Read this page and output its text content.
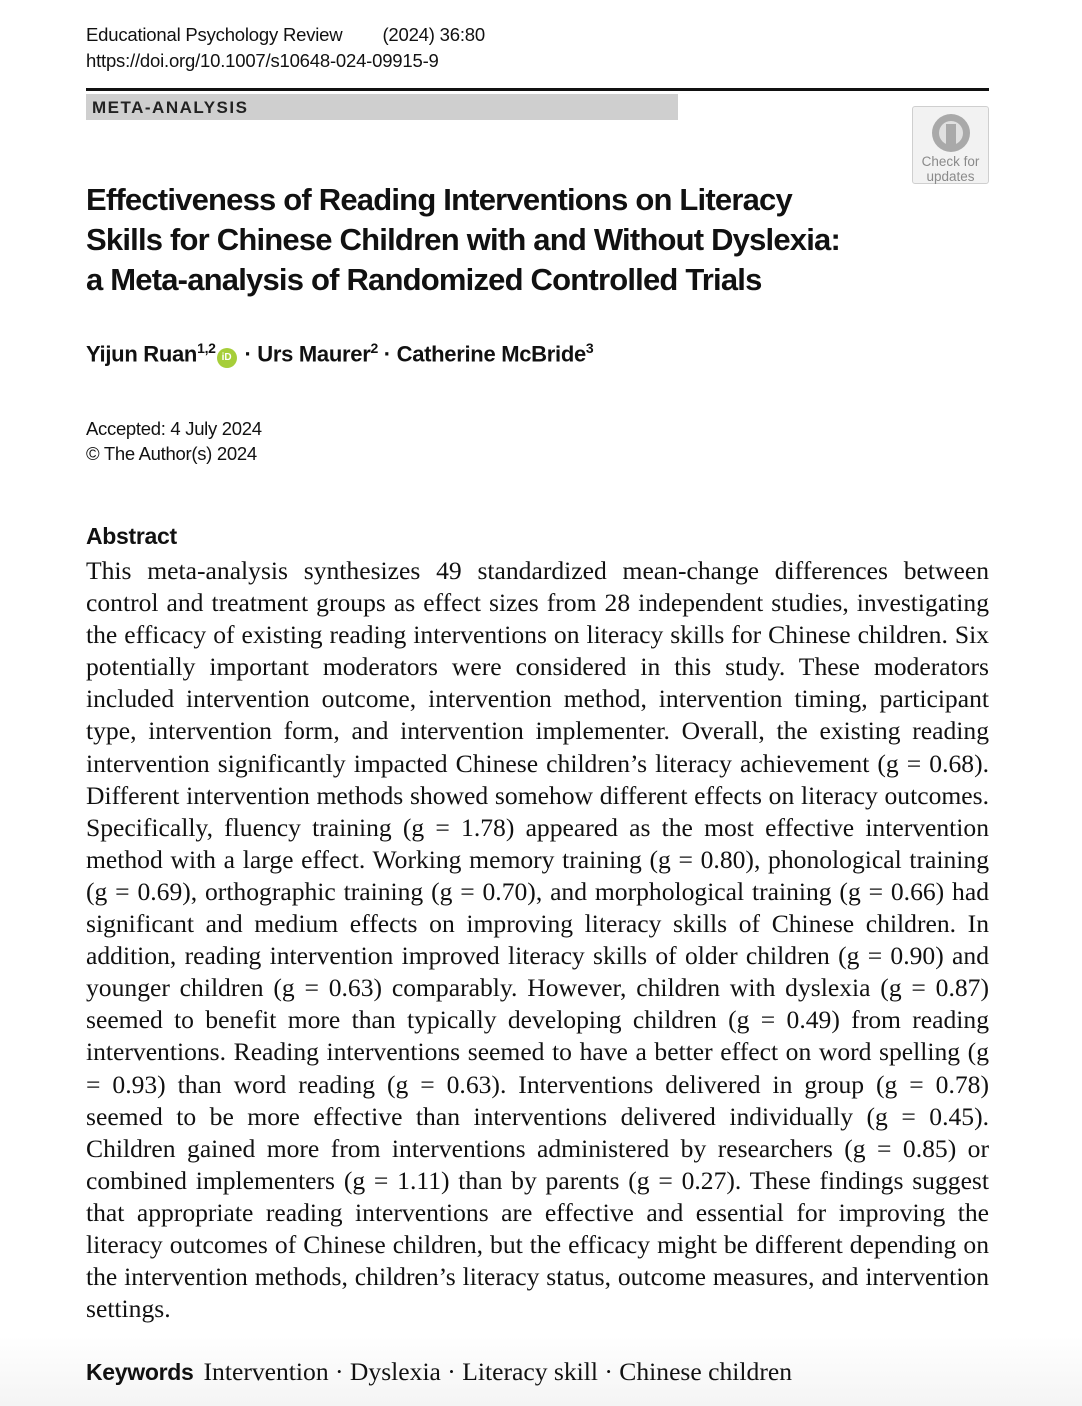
Educational Psychology Review (2024) 36:80
https://doi.org/10.1007/s10648-024-09915-9
META-ANALYSIS
Check for
updates
Effectiveness of Reading Interventions on Literacy
Skills for Chinese Children with and Without Dyslexia:
a Meta-analysis of Randomized Controlled Trials
Yijun Ruan$^{1,2}$iD · Urs Maurer$^2$ · Catherine McBride$^3$
Accepted: 4 July 2024
© The Author(s) 2024
Abstract

This meta-analysis synthesizes 49 standardized mean-change differences between control and treatment groups as effect sizes from 28 independent studies, investigating the efficacy of existing reading interventions on literacy skills for Chinese children. Six potentially important moderators were considered in this study. These moderators included intervention outcome, intervention method, intervention timing, participant type, intervention form, and intervention implementer. Overall, the existing reading intervention significantly impacted Chinese children’s literacy achievement (g = 0.68). Different intervention methods showed somehow different effects on literacy outcomes. Specifically, fluency training (g = 1.78) appeared as the most effective intervention method with a large effect. Working memory training (g = 0.80), phonological training (g = 0.69), orthographic training (g = 0.70), and morphological training (g = 0.66) had significant and medium effects on improving literacy skills of Chinese children. In addition, reading intervention improved literacy skills of older children (g = 0.90) and younger children (g = 0.63) comparably. However, children with dyslexia (g = 0.87) seemed to benefit more than typically developing children (g = 0.49) from reading interventions. Reading interventions seemed to have a better effect on word spelling (g = 0.93) than word reading (g = 0.63). Interventions delivered in group (g = 0.78) seemed to be more effective than interventions delivered individually (g = 0.45). Children gained more from interventions administered by researchers (g = 0.85) or combined implementers (g = 1.11) than by parents (g = 0.27). These findings suggest that appropriate reading interventions are effective and essential for improving the literacy outcomes of Chinese children, but the efficacy might be different depending on the intervention methods, children’s literacy status, outcome measures, and intervention settings.

Keywords Intervention · Dyslexia · Literacy skill · Chinese children
